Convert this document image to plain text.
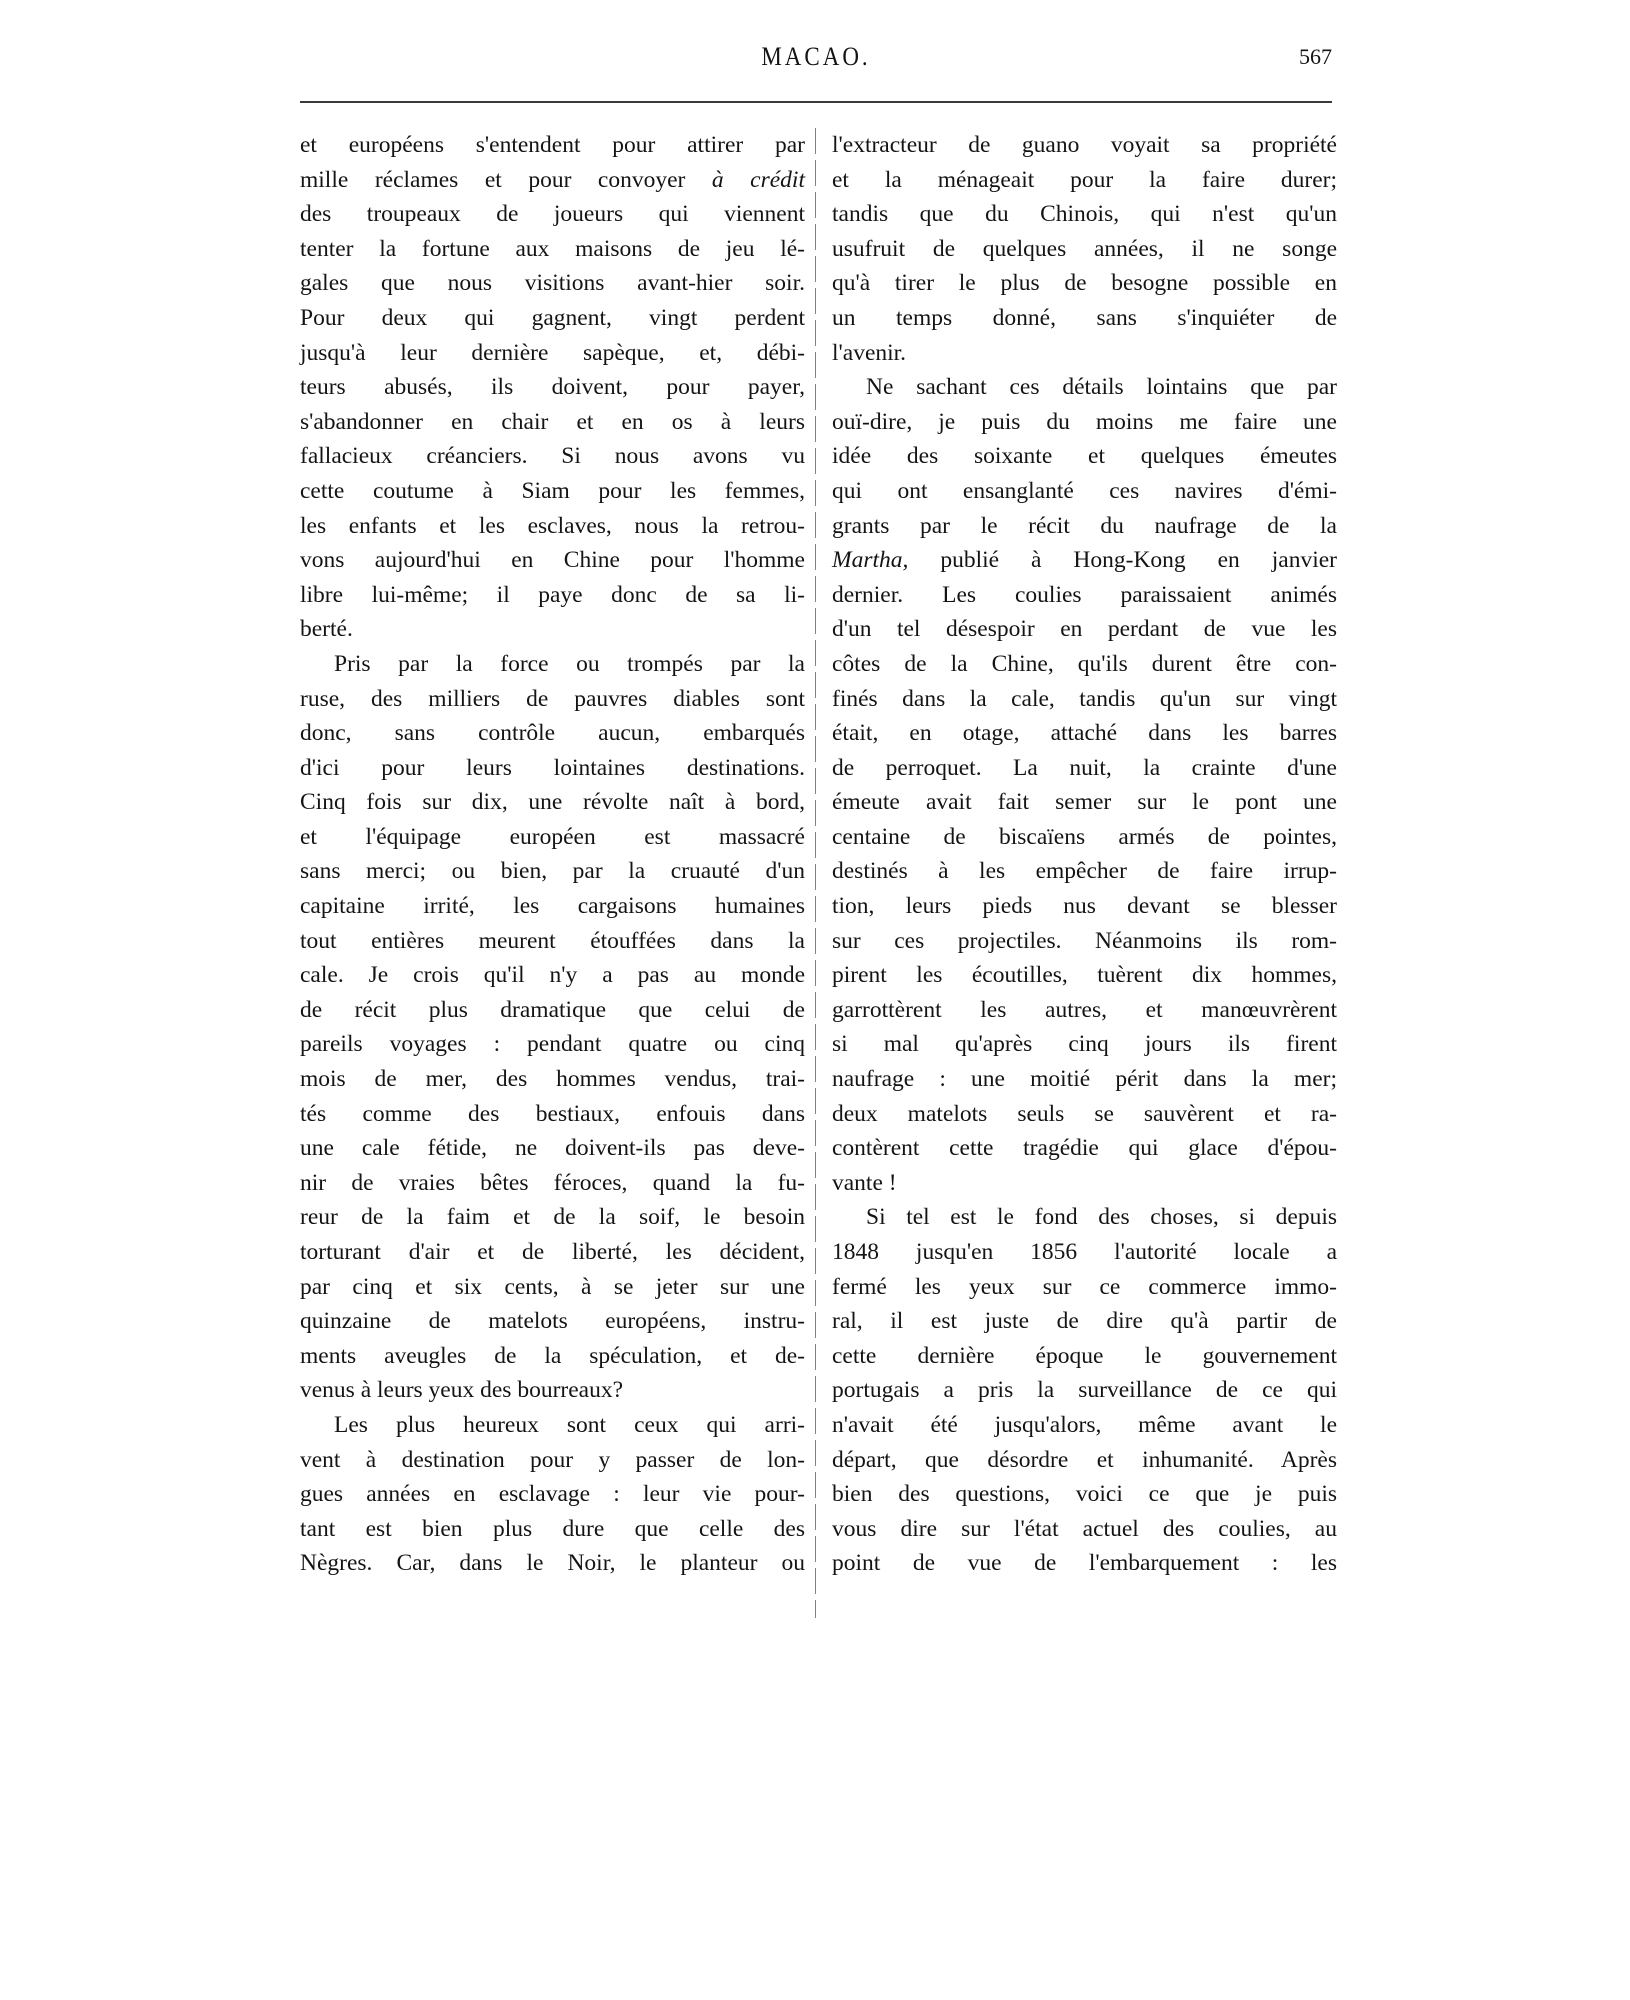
MACAO.	567
et européens s'entendent pour attirer par
mille réclames et pour convoyer à crédit
des troupeaux de joueurs qui viennent
tenter la fortune aux maisons de jeu lé-
gales que nous visitions avant-hier soir.
Pour deux qui gagnent, vingt perdent
jusqu'à leur dernière sapèque, et, débi-
teurs abusés, ils doivent, pour payer,
s'abandonner en chair et en os à leurs
fallacieux créanciers. Si nous avons vu
cette coutume à Siam pour les femmes,
les enfants et les esclaves, nous la retrou-
vons aujourd'hui en Chine pour l'homme
libre lui-même; il paye donc de sa li-
berté.
Pris par la force ou trompés par la
ruse, des milliers de pauvres diables sont
donc, sans contrôle aucun, embarqués
d'ici pour leurs lointaines destinations.
Cinq fois sur dix, une révolte naît à bord,
et l'équipage européen est massacré
sans merci; ou bien, par la cruauté d'un
capitaine irrité, les cargaisons humaines
tout entières meurent étouffées dans la
cale. Je crois qu'il n'y a pas au monde
de récit plus dramatique que celui de
pareils voyages : pendant quatre ou cinq
mois de mer, des hommes vendus, trai-
tés comme des bestiaux, enfouis dans
une cale fétide, ne doivent-ils pas deve-
nir de vraies bêtes féroces, quand la fu-
reur de la faim et de la soif, le besoin
torturant d'air et de liberté, les décident,
par cinq et six cents, à se jeter sur une
quinzaine de matelots européens, instru-
ments aveugles de la spéculation, et de-
venus à leurs yeux des bourreaux?
Les plus heureux sont ceux qui arri-
vent à destination pour y passer de lon-
gues années en esclavage : leur vie pour-
tant est bien plus dure que celle des
Nègres. Car, dans le Noir, le planteur ou
l'extracteur de guano voyait sa propriété
et la ménageait pour la faire durer;
tandis que du Chinois, qui n'est qu'un
usufruit de quelques années, il ne songe
qu'à tirer le plus de besogne possible en
un temps donné, sans s'inquiéter de
l'avenir.
Ne sachant ces détails lointains que par
ouï-dire, je puis du moins me faire une
idée des soixante et quelques émeutes
qui ont ensanglanté ces navires d'émi-
grants par le récit du naufrage de la
Martha, publié à Hong-Kong en janvier
dernier. Les coulies paraissaient animés
d'un tel désespoir en perdant de vue les
côtes de la Chine, qu'ils durent être con-
finés dans la cale, tandis qu'un sur vingt
était, en otage, attaché dans les barres
de perroquet. La nuit, la crainte d'une
émeute avait fait semer sur le pont une
centaine de biscaïens armés de pointes,
destinés à les empêcher de faire irrup-
tion, leurs pieds nus devant se blesser
sur ces projectiles. Néanmoins ils rom-
pirent les écoutilles, tuèrent dix hommes,
garrottèrent les autres, et manœuvrèrent
si mal qu'après cinq jours ils firent
naufrage : une moitié périt dans la mer;
deux matelots seuls se sauvèrent et ra-
contèrent cette tragédie qui glace d'épou-
vante !
Si tel est le fond des choses, si depuis
1848 jusqu'en 1856 l'autorité locale a
fermé les yeux sur ce commerce immo-
ral, il est juste de dire qu'à partir de
cette dernière époque le gouvernement
portugais a pris la surveillance de ce qui
n'avait été jusqu'alors, même avant le
départ, que désordre et inhumanité. Après
bien des questions, voici ce que je puis
vous dire sur l'état actuel des coulies, au
point de vue de l'embarquement : les
